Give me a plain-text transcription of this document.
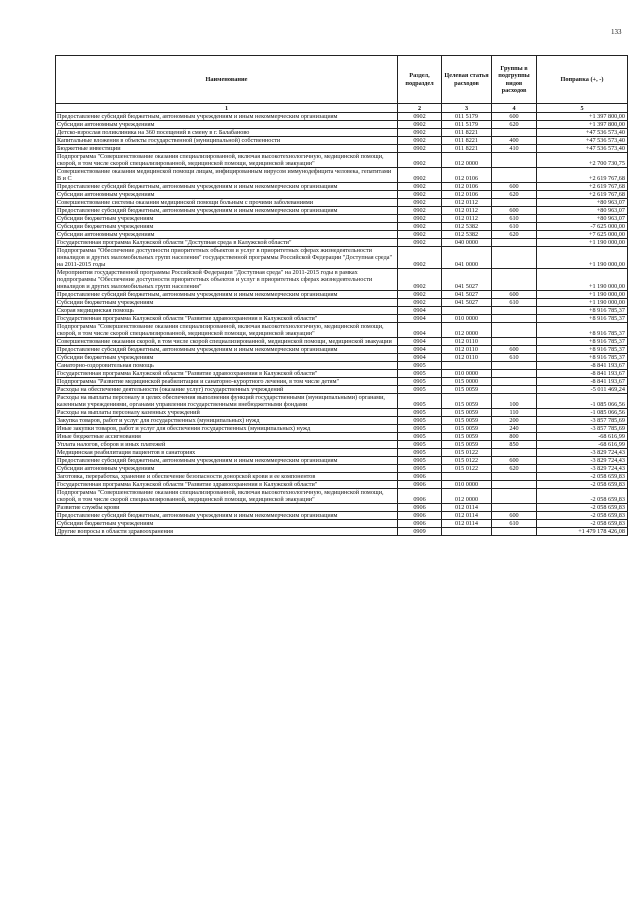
133
Наименование	Раздел, подраздел	Целевая статья расходов	Группы в подгруппы видов расходов	Поправка (+, -)
1	2	3	4	5
Предоставление субсидий бюджетным, автономным учреждениям и иным некоммерческим организациям	0902	011 5179	600	+1 397 800,00
Субсидии автономным учреждениям	0902	011 5179	620	+1 397 800,00
Детско-взрослая поликлиника на 360 посещений в смену в г. Балабаново	0902	011 8221		+47 536 573,40
Капитальные вложения в объекты государственной (муниципальной) собственности	0902	011 8221	400	+47 536 573,40
Бюджетные инвестиции	0902	011 8221	410	+47 536 573,40
Подпрограмма "Совершенствование оказания специализированной, включая высокотехнологичную, медицинской помощи, скорой, в том числе скорой специализированной, медицинской помощи, медицинской эвакуации"	0902	012 0000		+2 700 730,75
Совершенствование оказания медицинской помощи лицам, инфицированным вирусом иммунодефицита человека, гепатитами В и С	0902	012 0106		+2 619 767,68
Предоставление субсидий бюджетным, автономным учреждениям и иным некоммерческим организациям	0902	012 0106	600	+2 619 767,68
Субсидии автономным учреждениям	0902	012 0106	620	+2 619 767,68
Совершенствование системы оказания медицинской помощи больным с прочими заболеваниями	0902	012 0112		+80 963,07
Предоставление субсидий бюджетным, автономным учреждениям и иным некоммерческим организациям	0902	012 0112	600	+80 963,07
Субсидии бюджетным учреждениям	0902	012 0112	610	+80 963,07
Субсидии бюджетным учреждениям	0902	012 5382	610	-7 625 000,00
Субсидии автономным учреждениям	0902	012 5382	620	+7 625 000,00
Государственная программа Калужской области "Доступная среда в Калужской области"	0902	040 0000		+1 190 000,00
Подпрограмма "Обеспечение доступности приоритетных объектов и услуг в приоритетных сферах жизнедеятельности инвалидов и других маломобильных групп населения" государственной программы Российской Федерации "Доступная среда" на 2011-2015 годы	0902	041 0000		+1 190 000,00
Мероприятия государственной программы Российской Федерации "Доступная среда" на 2011-2015 годы в рамках подпрограммы "Обеспечение доступности приоритетных объектов и услуг в приоритетных сферах жизнедеятельности инвалидов и других маломобильных групп населения"	0902	041 5027		+1 190 000,00
Предоставление субсидий бюджетным, автономным учреждениям и иным некоммерческим организациям	0902	041 5027	600	+1 190 000,00
Субсидии бюджетным учреждениям	0902	041 5027	610	+1 190 000,00
Скорая медицинская помощь	0904			+8 916 785,37
Государственная программа Калужской области "Развитие здравоохранения в Калужской области"	0904	010 0000		+8 916 785,37
Подпрограмма "Совершенствование оказания специализированной, включая высокотехнологичную, медицинской помощи, скорой, в том числе скорой специализированной, медицинской помощи, медицинской эвакуации"	0904	012 0000		+8 916 785,37
Совершенствование оказания скорой, в том числе скорой специализированной, медицинской помощи, медицинской эвакуации	0904	012 0110		+8 916 785,37
Предоставление субсидий бюджетным, автономным учреждениям и иным некоммерческим организациям	0904	012 0110	600	+8 916 785,37
Субсидии бюджетным учреждениям	0904	012 0110	610	+8 916 785,37
Санаторно-оздоровительная помощь	0905			-8 841 193,67
Государственная программа Калужской области "Развитие здравоохранения в Калужской области"	0905	010 0000		-8 841 193,67
Подпрограмма "Развитие медицинской реабилитации и санаторно-курортного лечения, в том числе детям"	0905	015 0000		-8 841 193,67
Расходы на обеспечение деятельности (оказание услуг) государственных учреждений	0905	015 0059		-5 011 469,24
Расходы на выплаты персоналу в целях обеспечения выполнения функций государственными (муниципальными) органами, казенными учреждениями, органами управления государственными внебюджетными фондами	0905	015 0059	100	-1 085 066,56
Расходы на выплаты персоналу казенных учреждений	0905	015 0059	110	-1 085 066,56
Закупка товаров, работ и услуг для государственных (муниципальных) нужд	0905	015 0059	200	-3 857 785,69
Иные закупки товаров, работ и услуг для обеспечения государственных (муниципальных) нужд	0905	015 0059	240	-3 857 785,69
Иные бюджетные ассигнования	0905	015 0059	800	-68 616,99
Уплата налогов, сборов и иных платежей	0905	015 0059	850	-68 616,99
Медицинская реабилитация пациентов в санаториях	0905	015 0122		-3 829 724,43
Предоставление субсидий бюджетным, автономным учреждениям и иным некоммерческим организациям	0905	015 0122	600	-3 829 724,43
Субсидии автономным учреждениям	0905	015 0122	620	-3 829 724,43
Заготовка, переработка, хранение и обеспечение безопасности донорской крови и ее компонентов	0906			-2 058 659,83
Государственная программа Калужской области "Развитие здравоохранения в Калужской области"	0906	010 0000		-2 058 659,83
Подпрограмма "Совершенствование оказания специализированной, включая высокотехнологичную, медицинской помощи, скорой, в том числе скорой специализированной, медицинской помощи, медицинской эвакуации"	0906	012 0000		-2 058 659,83
Развитие службы крови	0906	012 0114		-2 058 659,83
Предоставление субсидий бюджетным, автономным учреждениям и иным некоммерческим организациям	0906	012 0114	600	-2 058 659,83
Субсидии бюджетным учреждениям	0906	012 0114	610	-2 058 659,83
Другие вопросы в области здравоохранения	0909			+1 479 178 426,08
